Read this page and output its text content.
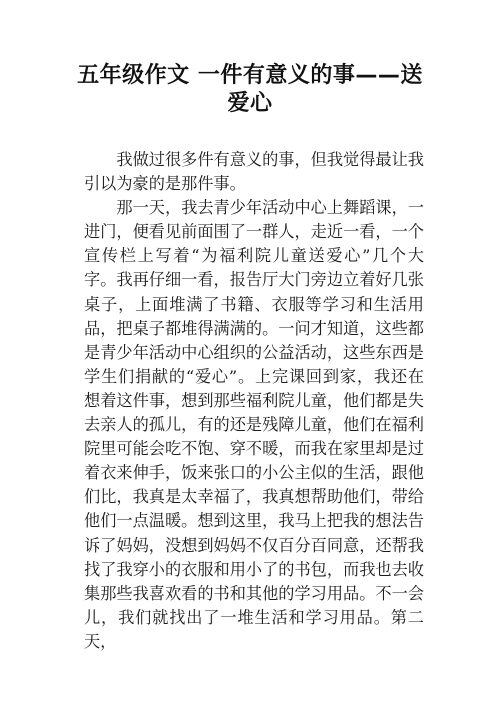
五年级作文 一件有意义的事——送爱心

我做过很多件有意义的事，但我觉得最让我引以为豪的是那件事。

那一天，我去青少年活动中心上舞蹈课，一进门，便看见前面围了一群人，走近一看，一个宣传栏上写着“为福利院儿童送爱心”几个大字。我再仔细一看，报告厅大门旁边立着好几张桌子，上面堆满了书籍、衣服等学习和生活用品，把桌子都堆得满满的。一问才知道，这些都是青少年活动中心组织的公益活动，这些东西是学生们捐献的“爱心”。上完课回到家，我还在想着这件事，想到那些福利院儿童，他们都是失去亲人的孤儿，有的还是残障儿童，他们在福利院里可能会吃不饱、穿不暖，而我在家里却是过着衣来伸手，饭来张口的小公主似的生活，跟他们比，我真是太幸福了，我真想帮助他们，带给他们一点温暖。想到这里，我马上把我的想法告诉了妈妈，没想到妈妈不仅百分百同意，还帮我找了我穿小的衣服和用小了的书包，而我也去收集那些我喜欢看的书和其他的学习用品。不一会儿，我们就找出了一堆生活和学习用品。第二天，
